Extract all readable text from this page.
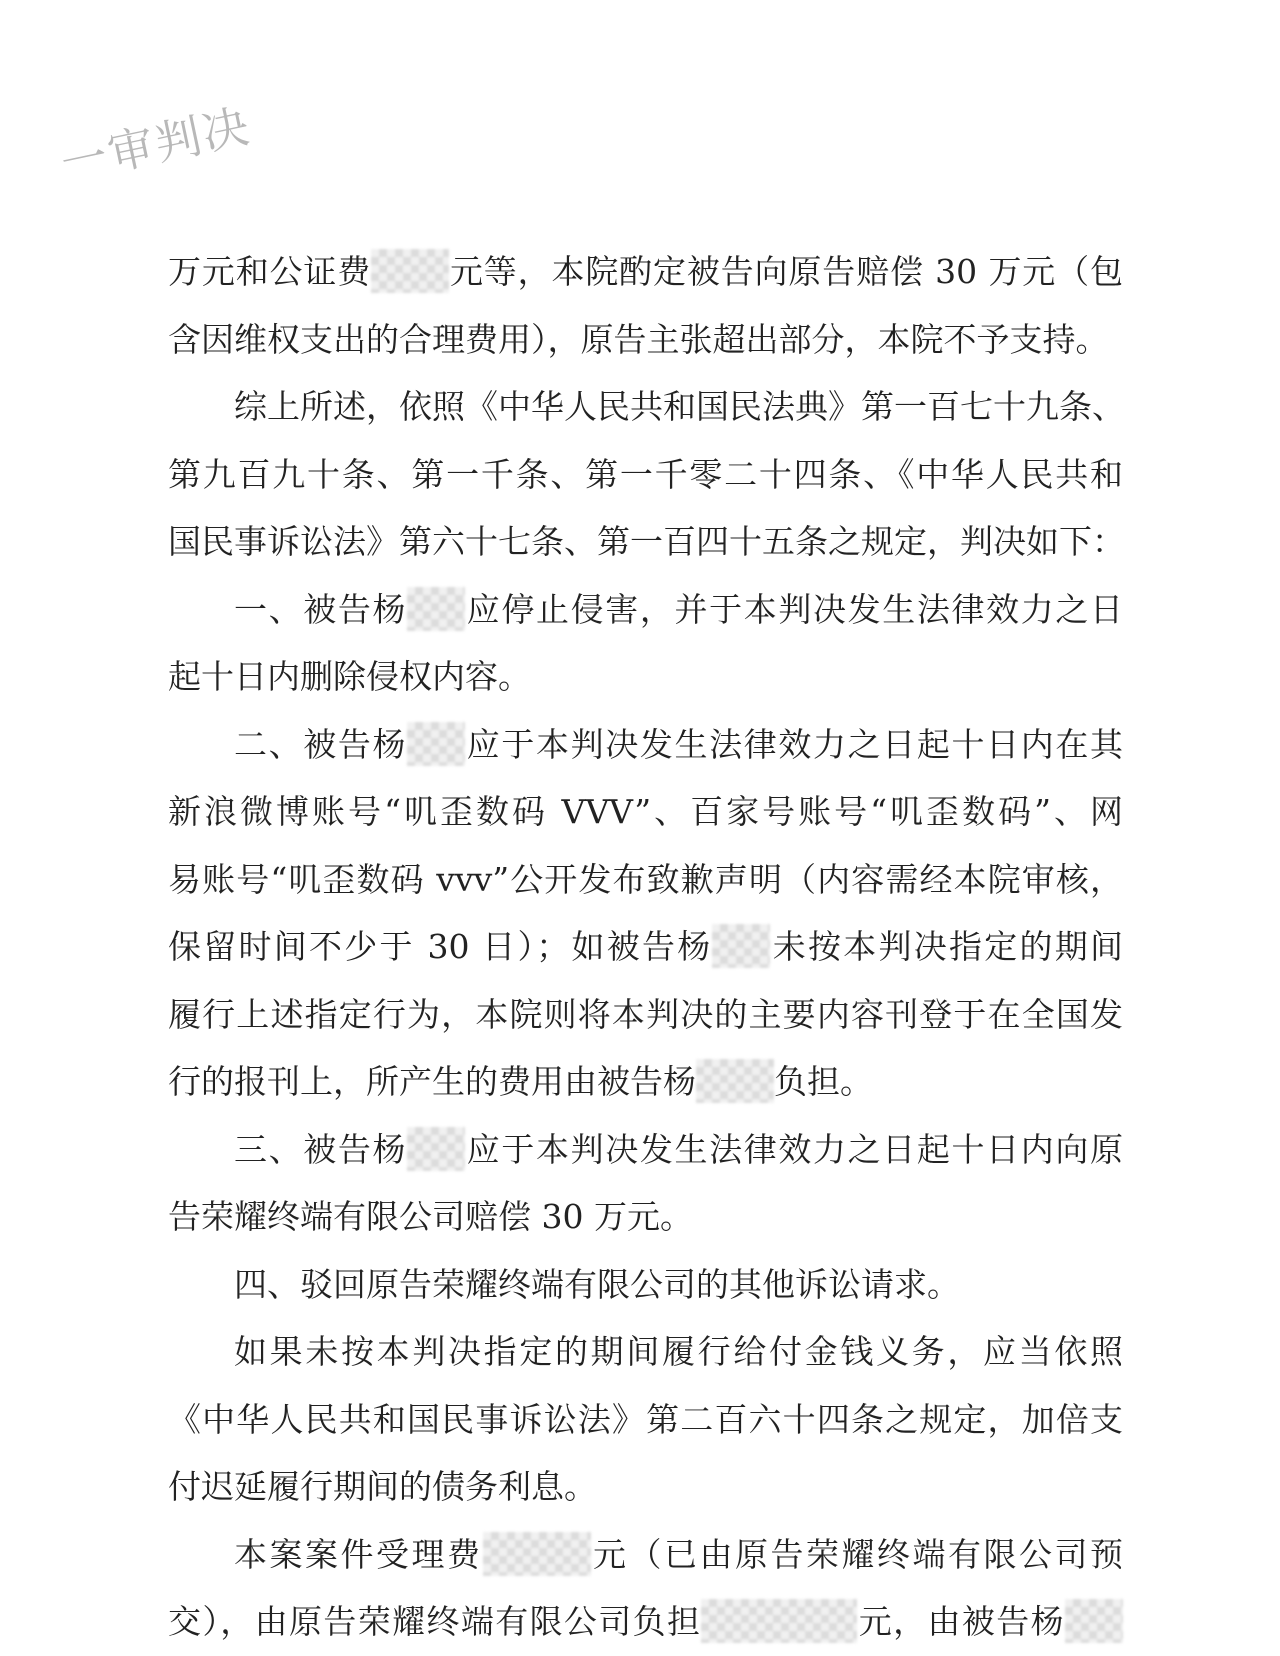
一审判决
万元和公证费 元等，本院酌定被告向原告赔偿 30 万元（包
含因维权支出的合理费用），原告主张超出部分，本院不予支持。
综上所述，依照《中华人民共和国民法典》第一百七十九条、
第九百九十条、第一千条、第一千零二十四条、《中华人民共和
国民事诉讼法》第六十七条、第一百四十五条之规定，判决如下：
一、被告杨 应停止侵害，并于本判决发生法律效力之日
起十日内删除侵权内容。
二、被告杨 应于本判决发生法律效力之日起十日内在其
新浪微博账号“叽歪数码 VVV”、百家号账号“叽歪数码”、网
易账号“叽歪数码 vvv”公开发布致歉声明（内容需经本院审核，
保留时间不少于 30 日）；如被告杨 未按本判决指定的期间
履行上述指定行为，本院则将本判决的主要内容刊登于在全国发
行的报刊上，所产生的费用由被告杨 负担。
三、被告杨 应于本判决发生法律效力之日起十日内向原
告荣耀终端有限公司赔偿 30 万元。
四、驳回原告荣耀终端有限公司的其他诉讼请求。
如果未按本判决指定的期间履行给付金钱义务，应当依照
《中华人民共和国民事诉讼法》第二百六十四条之规定，加倍支
付迟延履行期间的债务利息。
本案案件受理费	元（已由原告荣耀终端有限公司预
交），由原告荣耀终端有限公司负担	元，由被告杨
